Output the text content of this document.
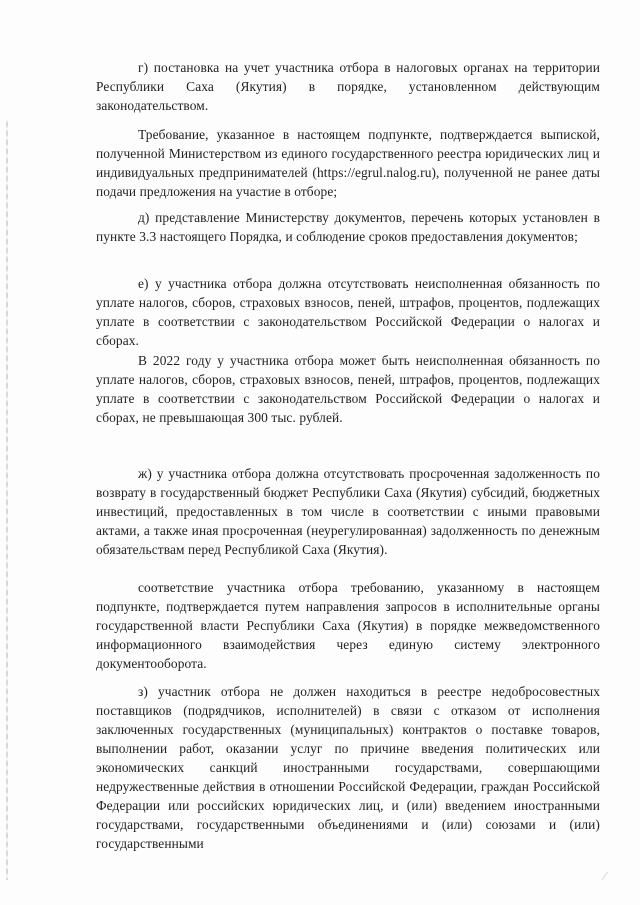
г) постановка на учет участника отбора в налоговых органах на территории Республики Саха (Якутия) в порядке, установленном действующим законодательством.

Требование, указанное в настоящем подпункте, подтверждается выпиской, полученной Министерством из единого государственного реестра юридических лиц и индивидуальных предпринимателей (https://egrul.nalog.ru), полученной не ранее даты подачи предложения на участие в отборе;

д) представление Министерству документов, перечень которых установлен в пункте 3.3 настоящего Порядка, и соблюдение сроков предоставления документов;

е) у участника отбора должна отсутствовать неисполненная обязанность по уплате налогов, сборов, страховых взносов, пеней, штрафов, процентов, подлежащих уплате в соответствии с законодательством Российской Федерации о налогах и сборах.

В 2022 году у участника отбора может быть неисполненная обязанность по уплате налогов, сборов, страховых взносов, пеней, штрафов, процентов, подлежащих уплате в соответствии с законодательством Российской Федерации о налогах и сборах, не превышающая 300 тыс. рублей.

ж) у участника отбора должна отсутствовать просроченная задолженность по возврату в государственный бюджет Республики Саха (Якутия) субсидий, бюджетных инвестиций, предоставленных в том числе в соответствии с иными правовыми актами, а также иная просроченная (неурегулированная) задолженность по денежным обязательствам перед Республикой Саха (Якутия).

соответствие участника отбора требованию, указанному в настоящем подпункте, подтверждается путем направления запросов в исполнительные органы государственной власти Республики Саха (Якутия) в порядке межведомственного информационного взаимодействия через единую систему электронного документооборота.

з) участник отбора не должен находиться в реестре недобросовестных поставщиков (подрядчиков, исполнителей) в связи с отказом от исполнения заключенных государственных (муниципальных) контрактов о поставке товаров, выполнении работ, оказании услуг по причине введения политических или экономических санкций иностранными государствами, совершающими недружественные действия в отношении Российской Федерации, граждан Российской Федерации или российских юридических лиц, и (или) введением иностранными государствами, государственными объединениями и (или) союзами и (или) государственными
